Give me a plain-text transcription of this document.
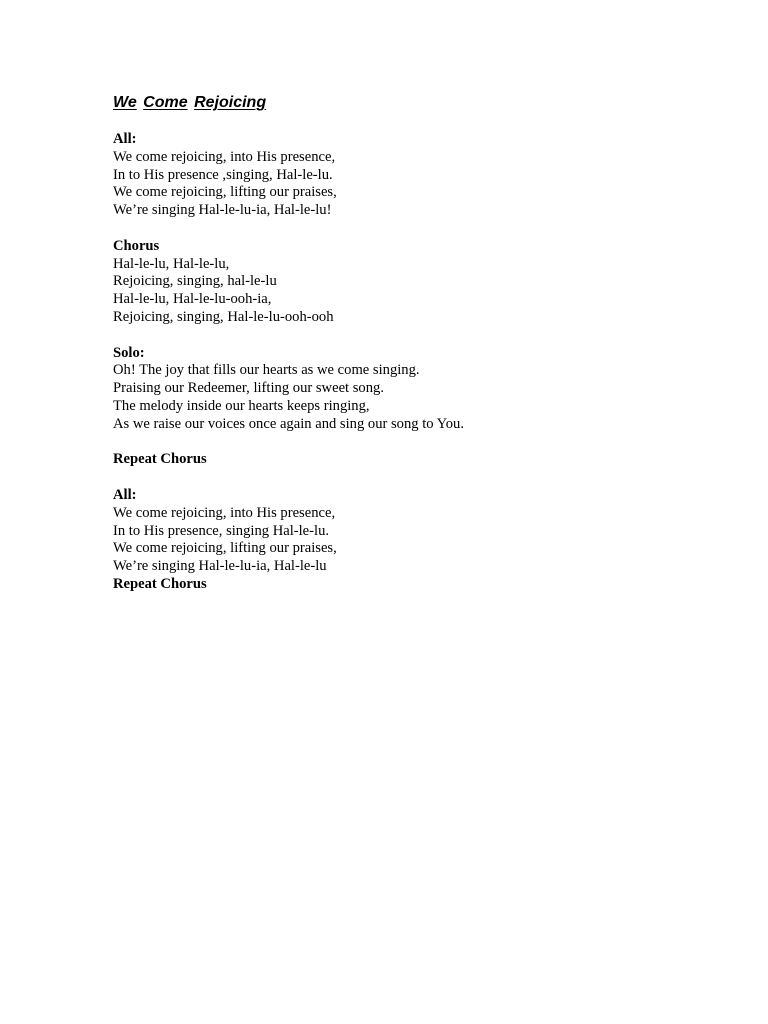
We Come Rejoicing
All:
We come rejoicing, into His presence,
In to His presence ,singing, Hal-le-lu.
We come rejoicing, lifting our praises,
We’re singing Hal-le-lu-ia, Hal-le-lu!
Chorus
Hal-le-lu, Hal-le-lu,
Rejoicing, singing, hal-le-lu
Hal-le-lu, Hal-le-lu-ooh-ia,
Rejoicing, singing, Hal-le-lu-ooh-ooh
Solo:
Oh! The joy that fills our hearts as we come singing.
Praising our Redeemer, lifting our sweet song.
The melody inside our hearts keeps ringing,
As we raise our voices once again and sing our song to You.
Repeat Chorus
All:
We come rejoicing, into His presence,
In to His presence, singing Hal-le-lu.
We come rejoicing, lifting our praises,
We’re singing Hal-le-lu-ia, Hal-le-lu
Repeat Chorus
